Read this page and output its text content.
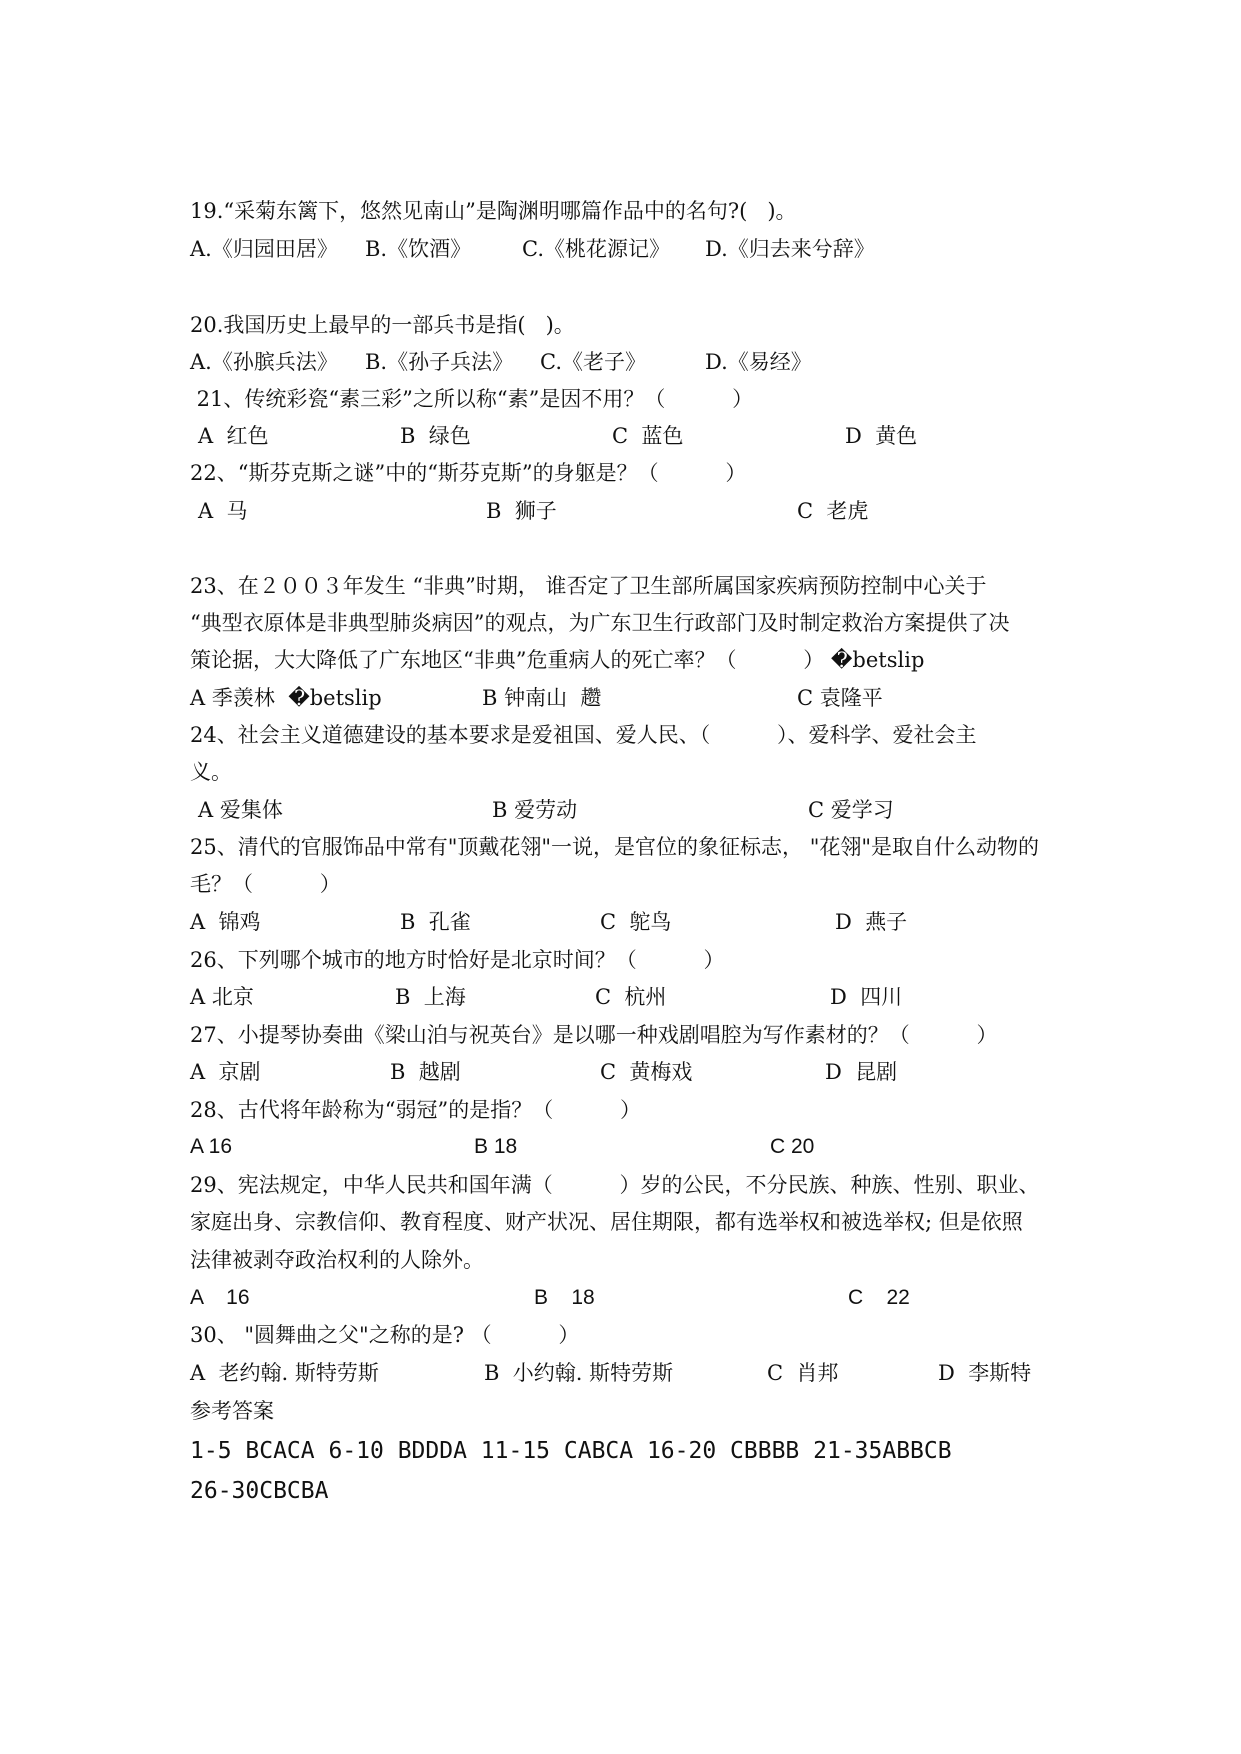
19.“采菊东篱下，悠然见南山”是陶渊明哪篇作品中的名句?(   )。
A.《归园田居》 B.《饮酒》 C.《桃花源记》 D.《归去来兮辞》
20.我国历史上最早的一部兵书是指(   )。
A.《孙膑兵法》 B.《孙子兵法》 C.《老子》	D.《易经》
21、传统彩瓷“素三彩”之所以称“素”是因不用？（          ）
A  红色	B  绿色	C  蓝色	D  黄色
22、“斯芬克斯之谜”中的“斯芬克斯”的身躯是？（          ）
A  马	B  狮子	C  老虎
23、在２００３年发生 “非典”时期， 谁否定了卫生部所属国家疾病预防控制中心关于
“典型衣原体是非典型肺炎病因”的观点，为广东卫生行政部门及时制定救治方案提供了决
策论据，大大降低了广东地区“非典”危重病人的死亡率？（          ） �betslip
A 季羡林  �betslip	B 钟南山  趱	C 袁隆平
24、社会主义道德建设的基本要求是爱祖国、爱人民、（          ）、爱科学、爱社会主
义。
A 爱集体	B 爱劳动	C 爱学习
25、清代的官服饰品中常有"顶戴花翎"一说，是官位的象征标志， "花翎"是取自什么动物的
毛？（          ）
A  锦鸡	B  孔雀	C  鸵鸟	D  燕子
26、下列哪个城市的地方时恰好是北京时间？（          ）
A 北京	B  上海	C  杭州	D  四川
27、小提琴协奏曲《梁山泊与祝英台》是以哪一种戏剧唱腔为写作素材的？（          ）
A  京剧	B  越剧	C  黄梅戏	D  昆剧
28、古代将年龄称为“弱冠”的是指？（          ）
A 16	B 18	C 20
29、宪法规定，中华人民共和国年满（          ）岁的公民，不分民族、种族、性别、职业、
家庭出身、宗教信仰、教育程度、财产状况、居住期限，都有选举权和被选举权; 但是依照
法律被剥夺政治权利的人除外。
A    16	B    18	C    22
30、 "圆舞曲之父"之称的是? （          ）
A  老约翰. 斯特劳斯	B  小约翰. 斯特劳斯	C  肖邦	D  李斯特
参考答案
1-5 BCACA 6-10 BDDDA 11-15 CABCA 16-20 CBBBB 21-35ABBCB
26-30CBCBA
